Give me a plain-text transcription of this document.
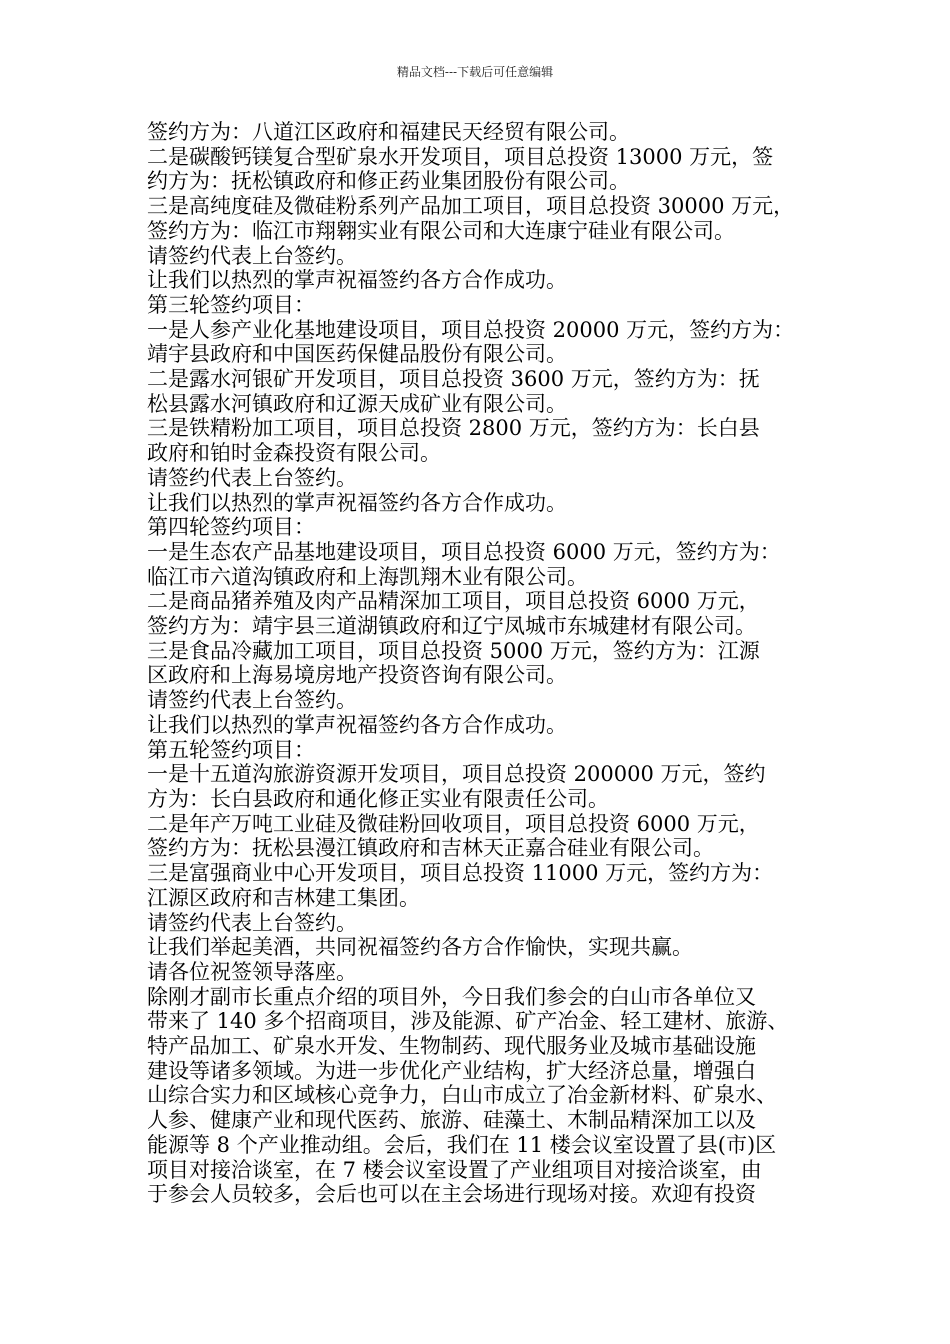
精品文档---下载后可任意编辑
签约方为：八道江区政府和福建民天经贸有限公司。
二是碳酸钙镁复合型矿泉水开发项目，项目总投资 13000 万元，签
约方为：抚松镇政府和修正药业集团股份有限公司。
三是高纯度硅及微硅粉系列产品加工项目，项目总投资 30000 万元，
签约方为：临江市翔翱实业有限公司和大连康宁硅业有限公司。
请签约代表上台签约。
让我们以热烈的掌声祝福签约各方合作成功。
第三轮签约项目：
一是人参产业化基地建设项目，项目总投资 20000 万元，签约方为：
靖宇县政府和中国医药保健品股份有限公司。
二是露水河银矿开发项目，项目总投资 3600 万元，签约方为：抚
松县露水河镇政府和辽源天成矿业有限公司。
三是铁精粉加工项目，项目总投资 2800 万元，签约方为：长白县
政府和铂时金森投资有限公司。
请签约代表上台签约。
让我们以热烈的掌声祝福签约各方合作成功。
第四轮签约项目：
一是生态农产品基地建设项目，项目总投资 6000 万元，签约方为：
临江市六道沟镇政府和上海凯翔木业有限公司。
二是商品猪养殖及肉产品精深加工项目，项目总投资 6000 万元，
签约方为：靖宇县三道湖镇政府和辽宁凤城市东城建材有限公司。
三是食品冷藏加工项目，项目总投资 5000 万元，签约方为：江源
区政府和上海易境房地产投资咨询有限公司。
请签约代表上台签约。
让我们以热烈的掌声祝福签约各方合作成功。
第五轮签约项目：
一是十五道沟旅游资源开发项目，项目总投资 200000 万元，签约
方为：长白县政府和通化修正实业有限责任公司。
二是年产万吨工业硅及微硅粉回收项目，项目总投资 6000 万元，
签约方为：抚松县漫江镇政府和吉林天正嘉合硅业有限公司。
三是富强商业中心开发项目，项目总投资 11000 万元，签约方为：
江源区政府和吉林建工集团。
请签约代表上台签约。
让我们举起美酒，共同祝福签约各方合作愉快，实现共赢。
请各位祝签领导落座。
除刚才副市长重点介绍的项目外，今日我们参会的白山市各单位又
带来了 140 多个招商项目，涉及能源、矿产冶金、轻工建材、旅游、
特产品加工、矿泉水开发、生物制药、现代服务业及城市基础设施
建设等诸多领域。为进一步优化产业结构，扩大经济总量，增强白
山综合实力和区域核心竞争力，白山市成立了冶金新材料、矿泉水、
人参、健康产业和现代医药、旅游、硅藻土、木制品精深加工以及
能源等 8 个产业推动组。会后，我们在 11 楼会议室设置了县(市)区
项目对接洽谈室，在 7 楼会议室设置了产业组项目对接洽谈室，由
于参会人员较多，会后也可以在主会场进行现场对接。欢迎有投资
